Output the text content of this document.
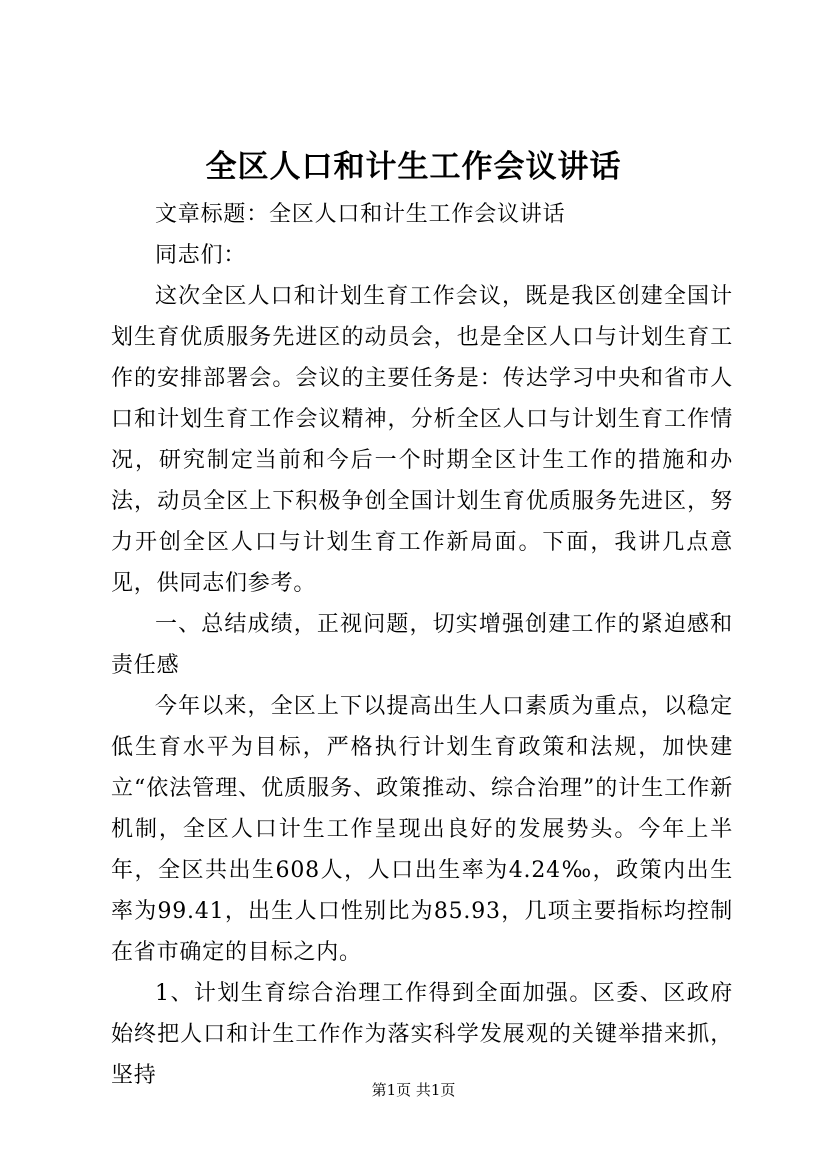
全区人口和计生工作会议讲话

文章标题：全区人口和计生工作会议讲话

同志们：

这次全区人口和计划生育工作会议，既是我区创建全国计划生育优质服务先进区的动员会，也是全区人口与计划生育工作的安排部署会。会议的主要任务是：传达学习中央和省市人口和计划生育工作会议精神，分析全区人口与计划生育工作情况，研究制定当前和今后一个时期全区计生工作的措施和办法，动员全区上下积极争创全国计划生育优质服务先进区，努力开创全区人口与计划生育工作新局面。下面，我讲几点意见，供同志们参考。

一、总结成绩，正视问题，切实增强创建工作的紧迫感和责任感

今年以来，全区上下以提高出生人口素质为重点，以稳定低生育水平为目标，严格执行计划生育政策和法规，加快建立“依法管理、优质服务、政策推动、综合治理”的计生工作新机制，全区人口计生工作呈现出良好的发展势头。今年上半年，全区共出生608人，人口出生率为4.24‰，政策内出生率为99.41，出生人口性别比为85.93，几项主要指标均控制在省市确定的目标之内。

1、计划生育综合治理工作得到全面加强。区委、区政府始终把人口和计生工作作为落实科学发展观的关键举措来抓，坚持

第1页 共1页
